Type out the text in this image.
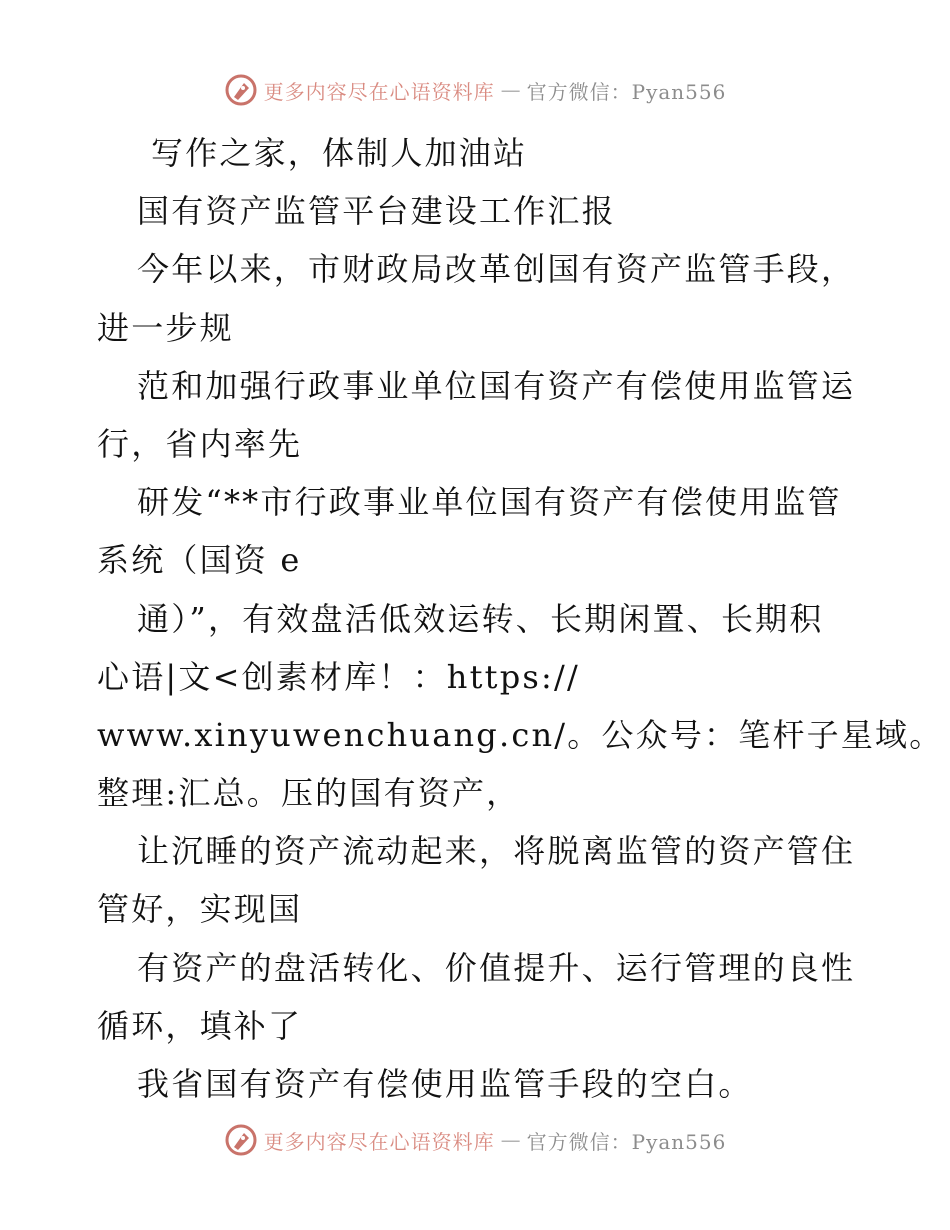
更多内容尽在心语资料库 — 官方微信：Pyan556
写作之家，体制人加油站
国有资产监管平台建设工作汇报
今年以来，市财政局改革创国有资产监管手段，
进一步规
范和加强行政事业单位国有资产有偿使用监管运
行，省内率先
研发“**市行政事业单位国有资产有偿使用监管
系统（国资 e
通）”，有效盘活低效运转、长期闲置、长期积
心语|文<创素材库！：https://
www.xinyuwenchuang.cn/。公众号：笔杆子星域。
整理:汇总。压的国有资产，
让沉睡的资产流动起来，将脱离监管的资产管住
管好，实现国
有资产的盘活转化、价值提升、运行管理的良性
循环，填补了
我省国有资产有偿使用监管手段的空白。
更多内容尽在心语资料库 — 官方微信：Pyan556
